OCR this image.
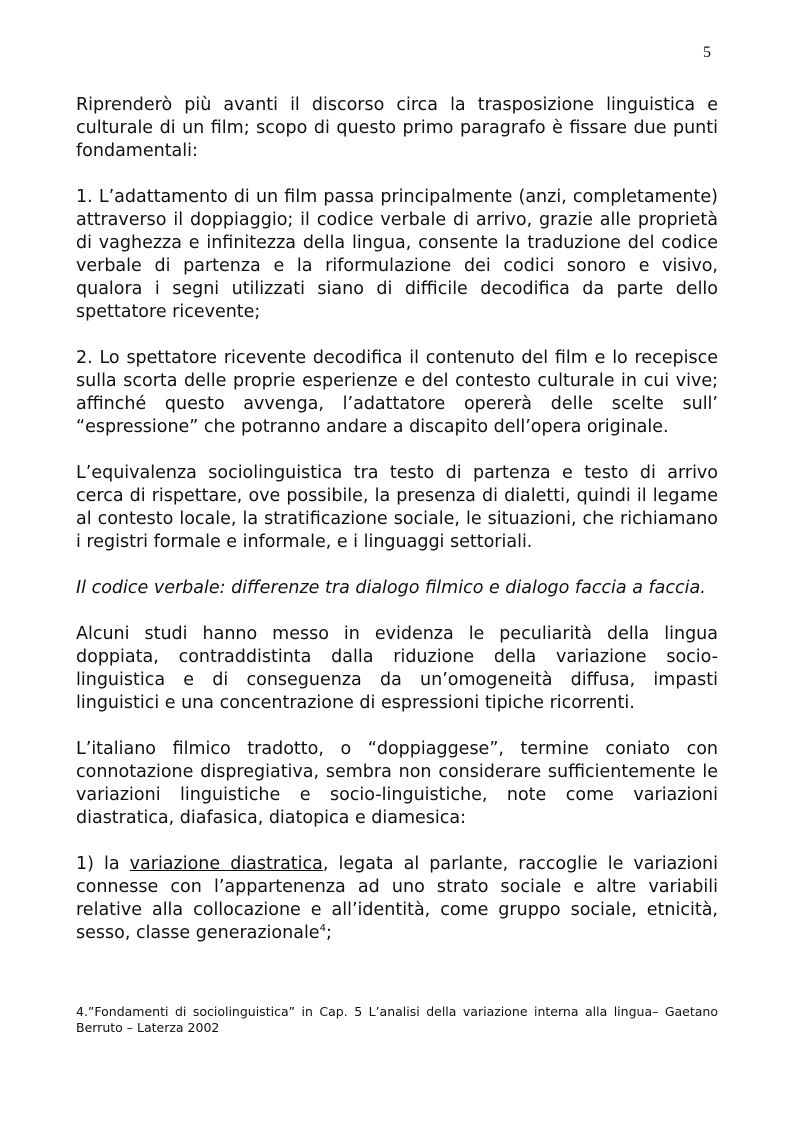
5

Riprenderò più avanti il discorso circa la trasposizione linguistica e culturale di un film; scopo di questo primo paragrafo è fissare due punti fondamentali:

1. L’adattamento di un film passa principalmente (anzi, completamente) attraverso il doppiaggio; il codice verbale di arrivo, grazie alle proprietà di vaghezza e infinitezza della lingua, consente la traduzione del codice verbale di partenza e la riformulazione dei codici sonoro e visivo, qualora i segni utilizzati siano di difficile decodifica da parte dello spettatore ricevente;

2. Lo spettatore ricevente decodifica il contenuto del film e lo recepisce sulla scorta delle proprie esperienze e del contesto culturale in cui vive; affinché questo avvenga, l’adattatore opererà delle scelte sull’ “espressione” che potranno andare a discapito dell’opera originale.

L’equivalenza sociolinguistica tra testo di partenza e testo di arrivo cerca di rispettare, ove possibile, la presenza di dialetti, quindi il legame al contesto locale, la stratificazione sociale, le situazioni, che richiamano i registri formale e informale, e i linguaggi settoriali.

Il codice verbale: differenze tra dialogo filmico e dialogo faccia a faccia.

Alcuni studi hanno messo in evidenza le peculiarità della lingua doppiata, contraddistinta dalla riduzione della variazione socio-linguistica e di conseguenza da un’omogeneità diffusa, impasti linguistici e una concentrazione di espressioni tipiche ricorrenti.

L’italiano filmico tradotto, o “doppiaggese”, termine coniato con connotazione dispregiativa, sembra non considerare sufficientemente le variazioni linguistiche e socio-linguistiche, note come variazioni diastratica, diafasica, diatopica e diamesica:

1) la variazione diastratica, legata al parlante, raccoglie le variazioni connesse con l’appartenenza ad uno strato sociale e altre variabili relative alla collocazione e all’identità, come gruppo sociale, etnicità, sesso, classe generazionale$^4$;

4.”Fondamenti di sociolinguistica” in Cap. 5 L’analisi della variazione interna alla lingua– Gaetano Berruto – Laterza 2002
